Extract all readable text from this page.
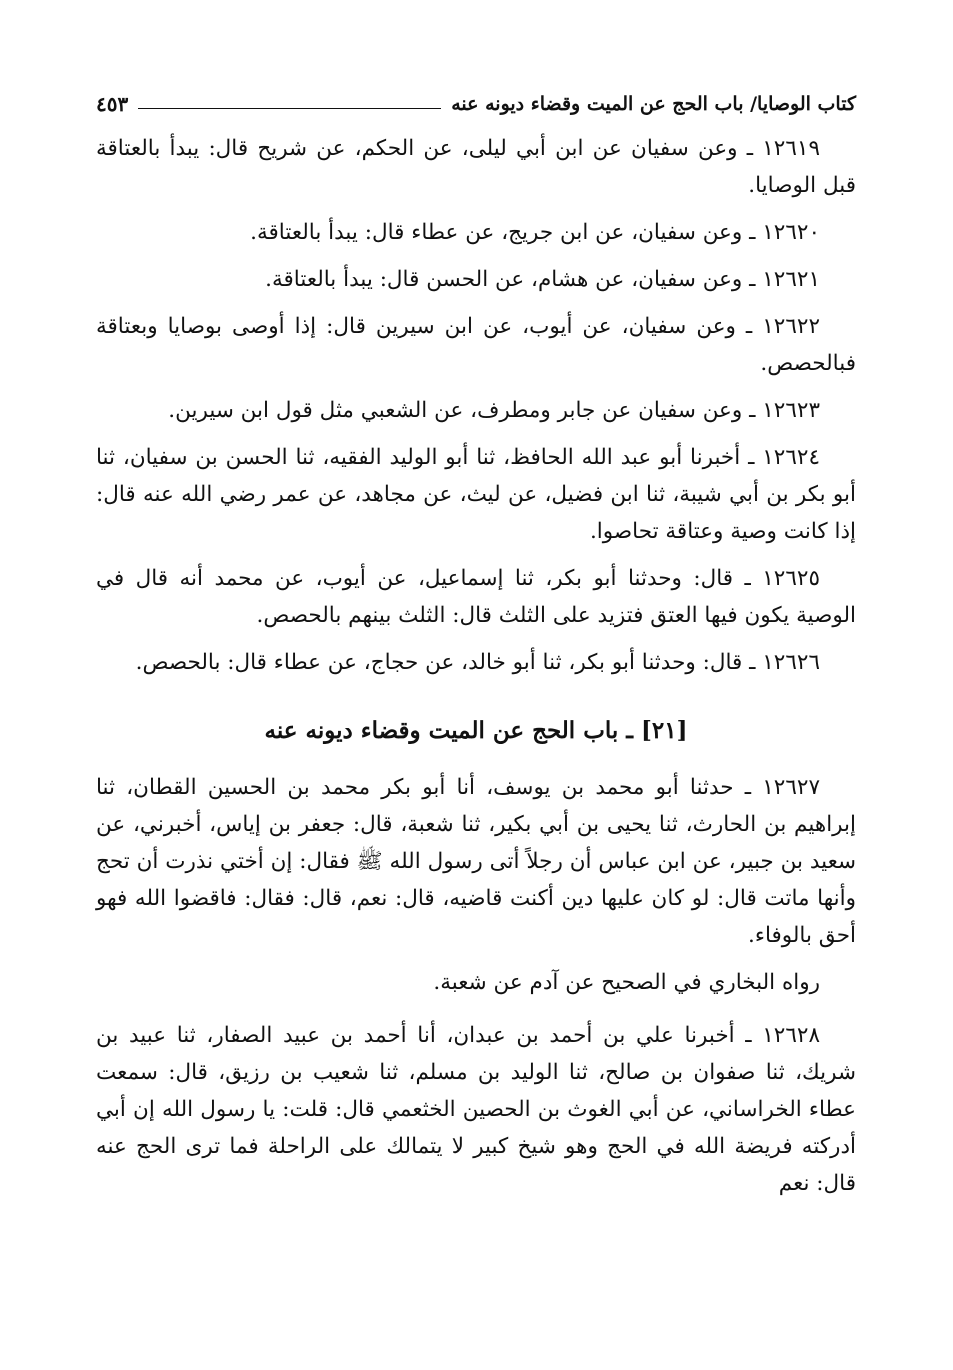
كتاب الوصايا/ باب الحج عن الميت وقضاء ديونه عنه
٤٥٣

١٢٦١٩ ـ وعن سفيان عن ابن أبي ليلى، عن الحكم، عن شريح قال: يبدأ بالعتاقة قبل الوصايا.

١٢٦٢٠ ـ وعن سفيان، عن ابن جريج، عن عطاء قال: يبدأ بالعتاقة.

١٢٦٢١ ـ وعن سفيان، عن هشام، عن الحسن قال: يبدأ بالعتاقة.

١٢٦٢٢ ـ وعن سفيان، عن أيوب، عن ابن سيرين قال: إذا أوصى بوصايا وبعتاقة فبالحصص.

١٢٦٢٣ ـ وعن سفيان عن جابر ومطرف، عن الشعبي مثل قول ابن سيرين.

١٢٦٢٤ ـ أخبرنا أبو عبد الله الحافظ، ثنا أبو الوليد الفقيه، ثنا الحسن بن سفيان، ثنا أبو بكر بن أبي شيبة، ثنا ابن فضيل، عن ليث، عن مجاهد، عن عمر رضي الله عنه قال: إذا كانت وصية وعتاقة تحاصوا.

١٢٦٢٥ ـ قال: وحدثنا أبو بكر، ثنا إسماعيل، عن أيوب، عن محمد أنه قال في الوصية يكون فيها العتق فتزيد على الثلث قال: الثلث بينهم بالحصص.

١٢٦٢٦ ـ قال: وحدثنا أبو بكر، ثنا أبو خالد، عن حجاج، عن عطاء قال: بالحصص.

[٢١] ـ باب الحج عن الميت وقضاء ديونه عنه

١٢٦٢٧ ـ حدثنا أبو محمد بن يوسف، أنا أبو بكر محمد بن الحسين القطان، ثنا إبراهيم بن الحارث، ثنا يحيى بن أبي بكير، ثنا شعبة، قال: جعفر بن إياس، أخبرني، عن سعيد بن جبير، عن ابن عباس أن رجلاً أتى رسول الله ﷺ فقال: إن أختي نذرت أن تحج وأنها ماتت قال: لو كان عليها دين أكنت قاضيه، قال: نعم، قال: فقال: فاقضوا الله فهو أحق بالوفاء.

رواه البخاري في الصحيح عن آدم عن شعبة.

١٢٦٢٨ ـ أخبرنا علي بن أحمد بن عبدان، أنا أحمد بن عبيد الصفار، ثنا عبيد بن شريك، ثنا صفوان بن صالح، ثنا الوليد بن مسلم، ثنا شعيب بن رزيق، قال: سمعت عطاء الخراساني، عن أبي الغوث بن الحصين الخثعمي قال: قلت: يا رسول الله إن أبي أدركته فريضة الله في الحج وهو شيخ كبير لا يتمالك على الراحلة فما ترى الحج عنه قال: نعم
